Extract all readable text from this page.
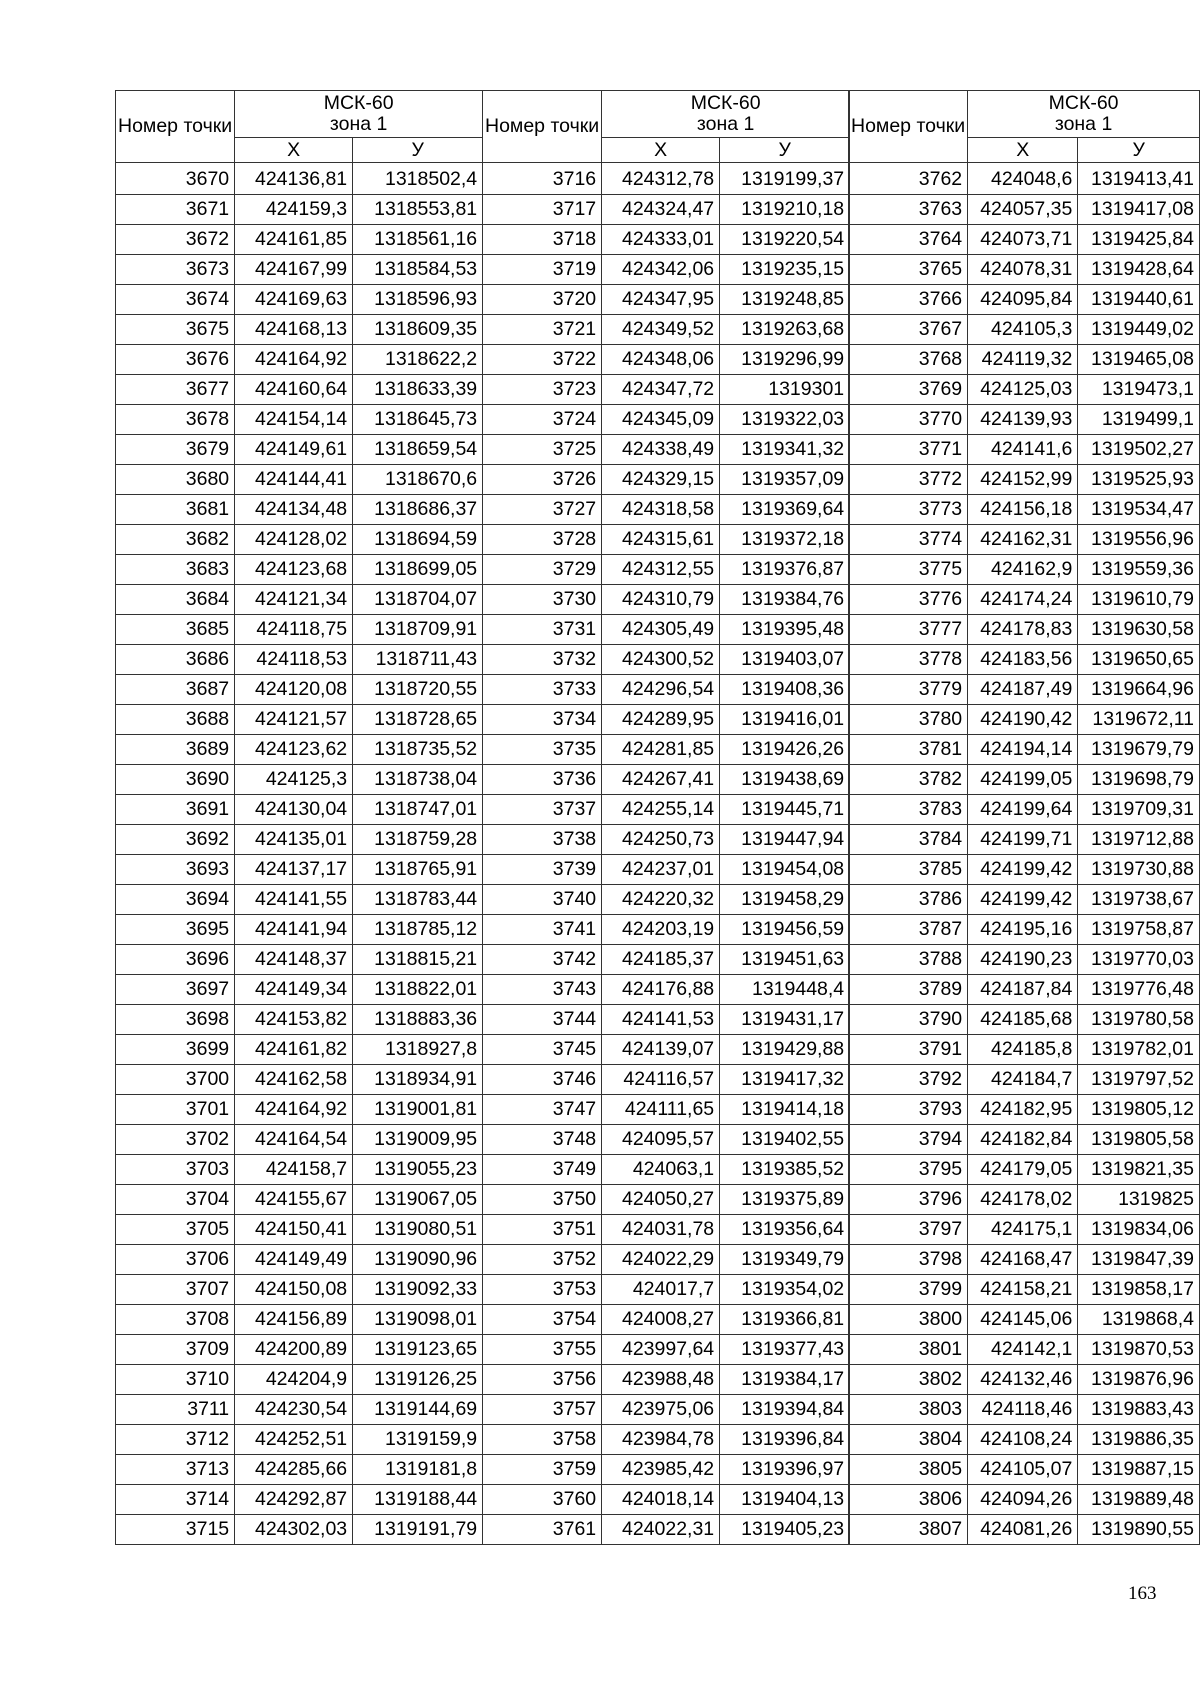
Номер точки	МСК-60
зона 1	

	Х	У
3670	424136,81	1318502,4
3671	424159,3	1318553,81
3672	424161,85	1318561,16
3673	424167,99	1318584,53
3674	424169,63	1318596,93
3675	424168,13	1318609,35
3676	424164,92	1318622,2
3677	424160,64	1318633,39
3678	424154,14	1318645,73
3679	424149,61	1318659,54
3680	424144,41	1318670,6
3681	424134,48	1318686,37
3682	424128,02	1318694,59
3683	424123,68	1318699,05
3684	424121,34	1318704,07
3685	424118,75	1318709,91
3686	424118,53	1318711,43
3687	424120,08	1318720,55
3688	424121,57	1318728,65
3689	424123,62	1318735,52
3690	424125,3	1318738,04
3691	424130,04	1318747,01
3692	424135,01	1318759,28
3693	424137,17	1318765,91
3694	424141,55	1318783,44
3695	424141,94	1318785,12
3696	424148,37	1318815,21
3697	424149,34	1318822,01
3698	424153,82	1318883,36
3699	424161,82	1318927,8
3700	424162,58	1318934,91
3701	424164,92	1319001,81
3702	424164,54	1319009,95
3703	424158,7	1319055,23
3704	424155,67	1319067,05
3705	424150,41	1319080,51
3706	424149,49	1319090,96
3707	424150,08	1319092,33
3708	424156,89	1319098,01
3709	424200,89	1319123,65
3710	424204,9	1319126,25
3711	424230,54	1319144,69
3712	424252,51	1319159,9
3713	424285,66	1319181,8
3714	424292,87	1319188,44
3715	424302,03	1319191,79
Номер точки	МСК-60
зона 1	

	Х	У
3716	424312,78	1319199,37
3717	424324,47	1319210,18
3718	424333,01	1319220,54
3719	424342,06	1319235,15
3720	424347,95	1319248,85
3721	424349,52	1319263,68
3722	424348,06	1319296,99
3723	424347,72	1319301
3724	424345,09	1319322,03
3725	424338,49	1319341,32
3726	424329,15	1319357,09
3727	424318,58	1319369,64
3728	424315,61	1319372,18
3729	424312,55	1319376,87
3730	424310,79	1319384,76
3731	424305,49	1319395,48
3732	424300,52	1319403,07
3733	424296,54	1319408,36
3734	424289,95	1319416,01
3735	424281,85	1319426,26
3736	424267,41	1319438,69
3737	424255,14	1319445,71
3738	424250,73	1319447,94
3739	424237,01	1319454,08
3740	424220,32	1319458,29
3741	424203,19	1319456,59
3742	424185,37	1319451,63
3743	424176,88	1319448,4
3744	424141,53	1319431,17
3745	424139,07	1319429,88
3746	424116,57	1319417,32
3747	424111,65	1319414,18
3748	424095,57	1319402,55
3749	424063,1	1319385,52
3750	424050,27	1319375,89
3751	424031,78	1319356,64
3752	424022,29	1319349,79
3753	424017,7	1319354,02
3754	424008,27	1319366,81
3755	423997,64	1319377,43
3756	423988,48	1319384,17
3757	423975,06	1319394,84
3758	423984,78	1319396,84
3759	423985,42	1319396,97
3760	424018,14	1319404,13
3761	424022,31	1319405,23
Номер точки	МСК-60
зона 1	

	Х	У
3762	424048,6	1319413,41
3763	424057,35	1319417,08
3764	424073,71	1319425,84
3765	424078,31	1319428,64
3766	424095,84	1319440,61
3767	424105,3	1319449,02
3768	424119,32	1319465,08
3769	424125,03	1319473,1
3770	424139,93	1319499,1
3771	424141,6	1319502,27
3772	424152,99	1319525,93
3773	424156,18	1319534,47
3774	424162,31	1319556,96
3775	424162,9	1319559,36
3776	424174,24	1319610,79
3777	424178,83	1319630,58
3778	424183,56	1319650,65
3779	424187,49	1319664,96
3780	424190,42	1319672,11
3781	424194,14	1319679,79
3782	424199,05	1319698,79
3783	424199,64	1319709,31
3784	424199,71	1319712,88
3785	424199,42	1319730,88
3786	424199,42	1319738,67
3787	424195,16	1319758,87
3788	424190,23	1319770,03
3789	424187,84	1319776,48
3790	424185,68	1319780,58
3791	424185,8	1319782,01
3792	424184,7	1319797,52
3793	424182,95	1319805,12
3794	424182,84	1319805,58
3795	424179,05	1319821,35
3796	424178,02	1319825
3797	424175,1	1319834,06
3798	424168,47	1319847,39
3799	424158,21	1319858,17
3800	424145,06	1319868,4
3801	424142,1	1319870,53
3802	424132,46	1319876,96
3803	424118,46	1319883,43
3804	424108,24	1319886,35
3805	424105,07	1319887,15
3806	424094,26	1319889,48
3807	424081,26	1319890,55
163
